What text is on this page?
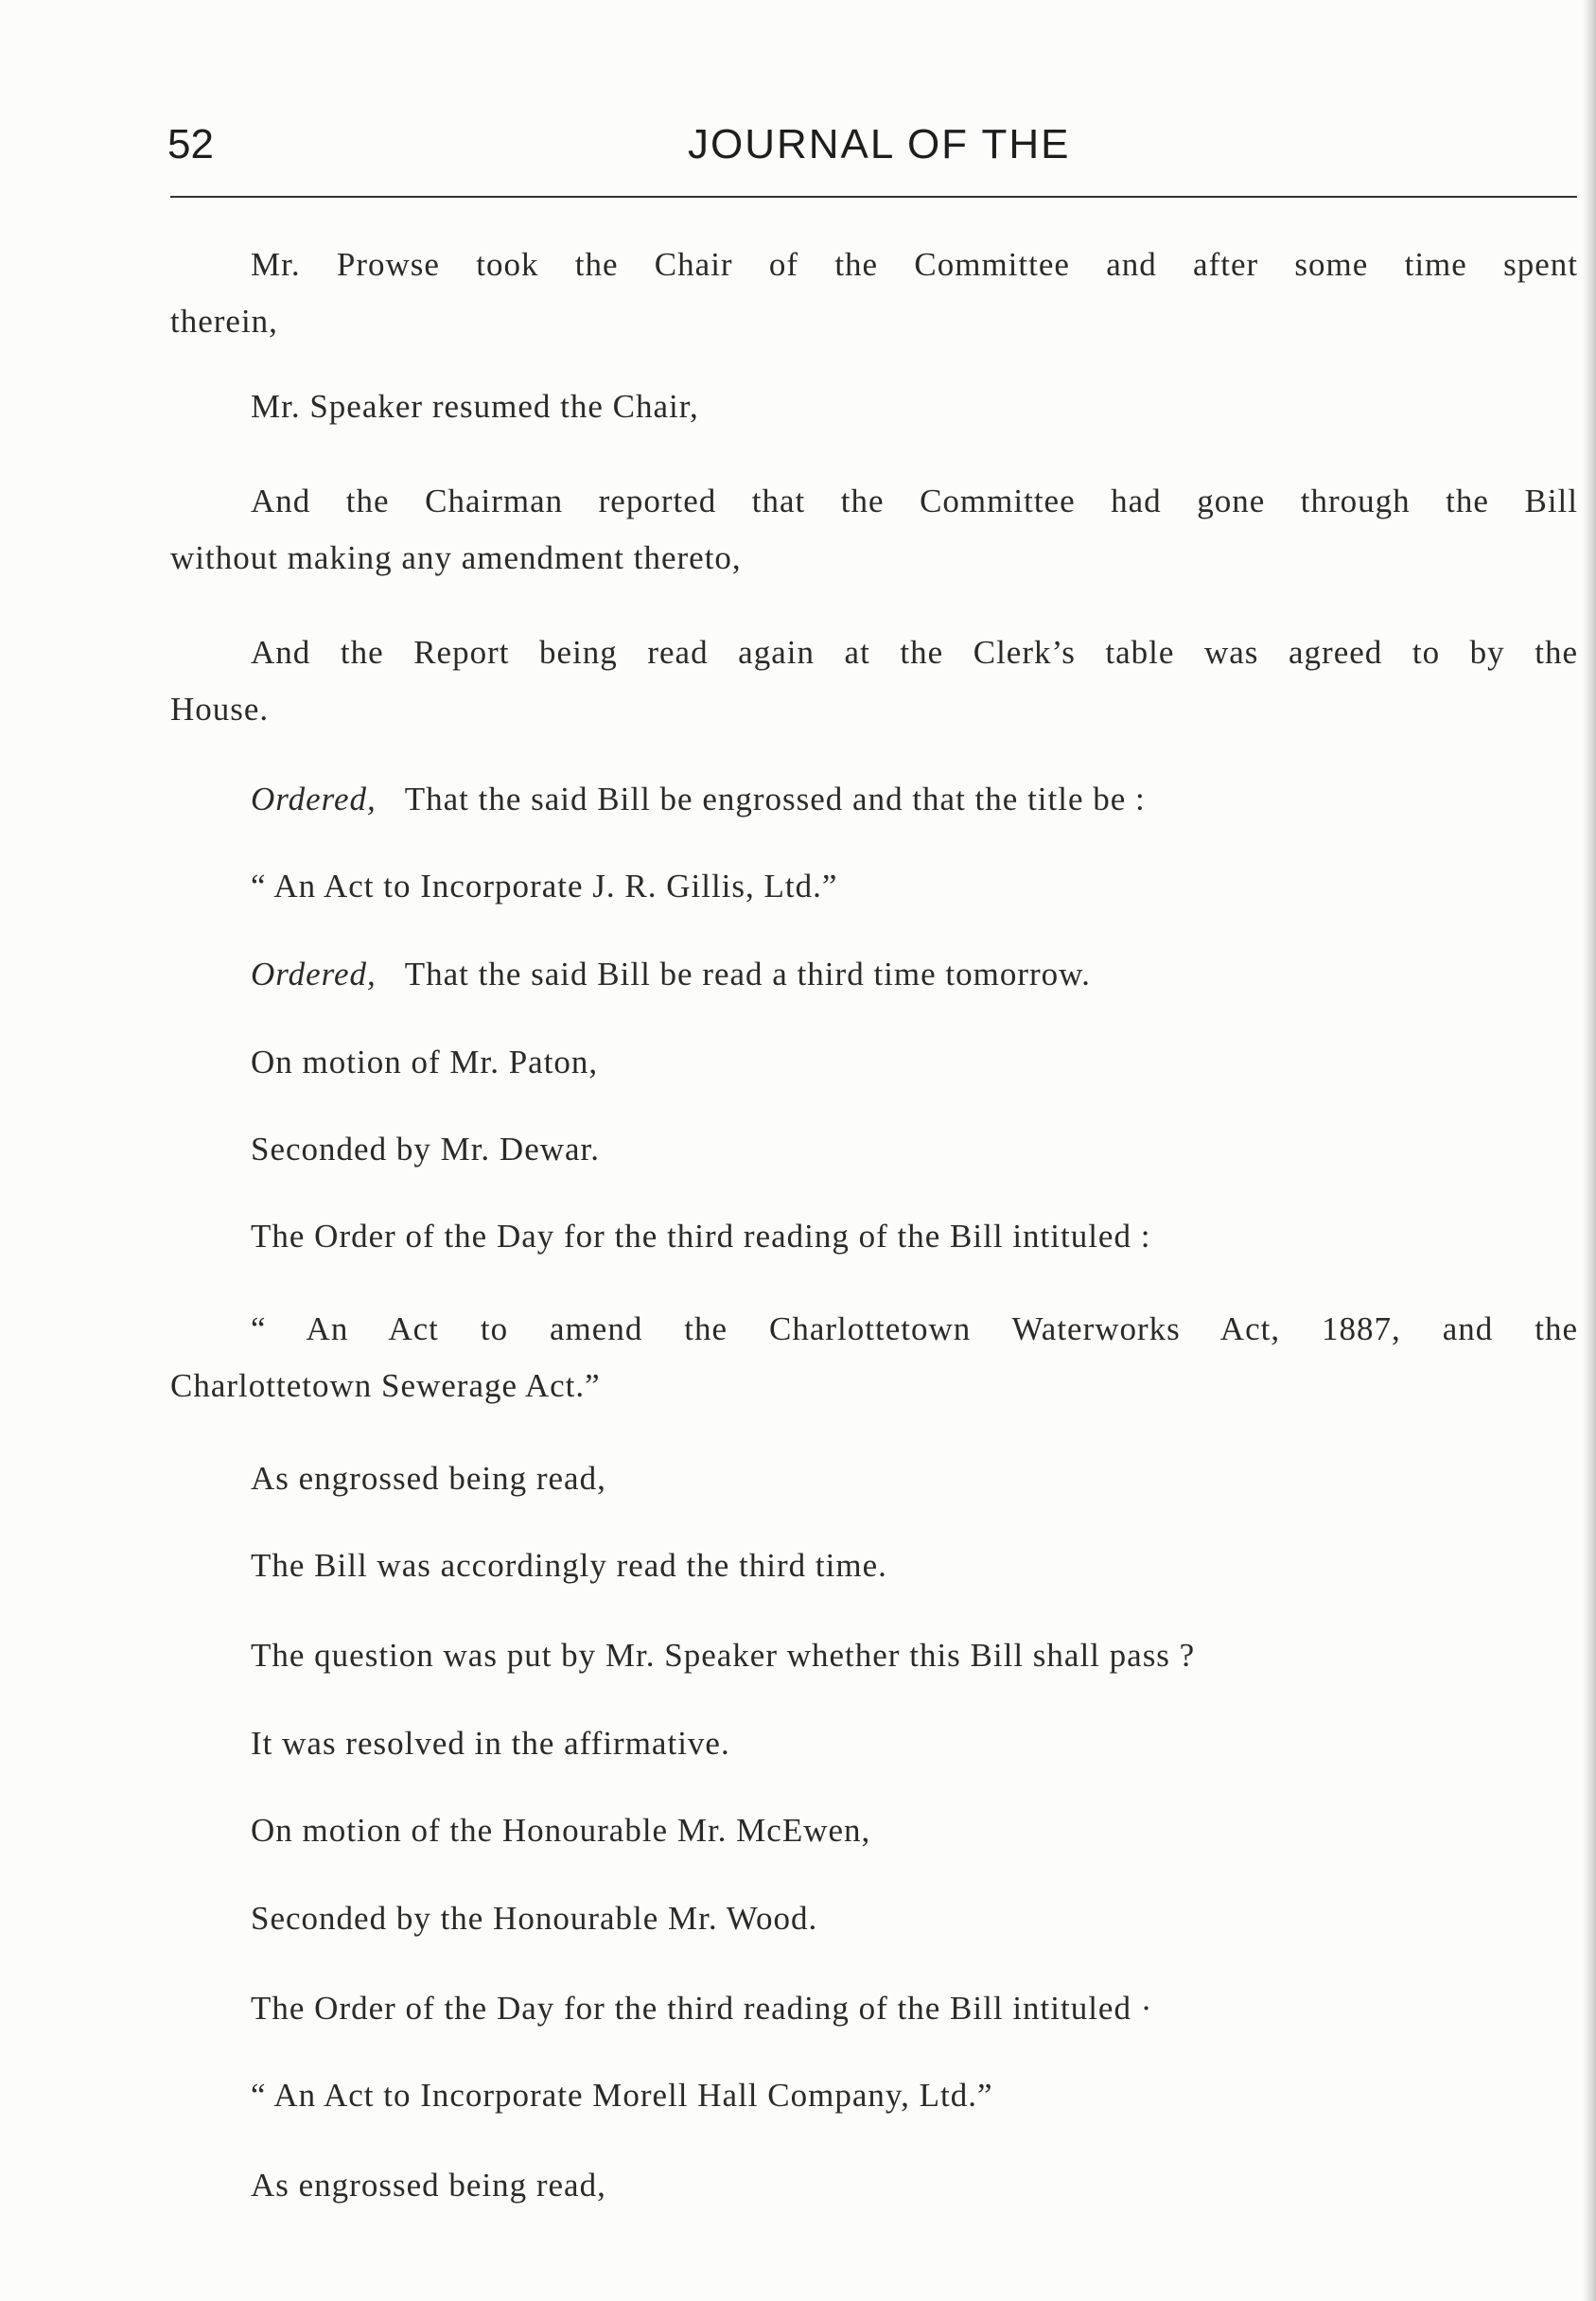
52	JOURNAL OF THE
Mr. Prowse took the Chair of the Committee and after some time spent
therein,

Mr. Speaker resumed the Chair,

And the Chairman reported that the Committee had gone through the Bill
without making any amendment thereto,
And the Report being read again at the Clerk’s table was agreed to by the
House.

Ordered, That the said Bill be engrossed and that the title be :

“ An Act to Incorporate J. R. Gillis, Ltd.”

Ordered, That the said Bill be read a third time tomorrow.

On motion of Mr. Paton,

Seconded by Mr. Dewar.

The Order of the Day for the third reading of the Bill intituled :

“ An Act to amend the Charlottetown Waterworks Act, 1887, and the
Charlottetown Sewerage Act.”

As engrossed being read,

The Bill was accordingly read the third time.

The question was put by Mr. Speaker whether this Bill shall pass ?

It was resolved in the affirmative.

On motion of the Honourable Mr. McEwen,

Seconded by the Honourable Mr. Wood.

The Order of the Day for the third reading of the Bill intituled ·

“ An Act to Incorporate Morell Hall Company, Ltd.”

As engrossed being read,
